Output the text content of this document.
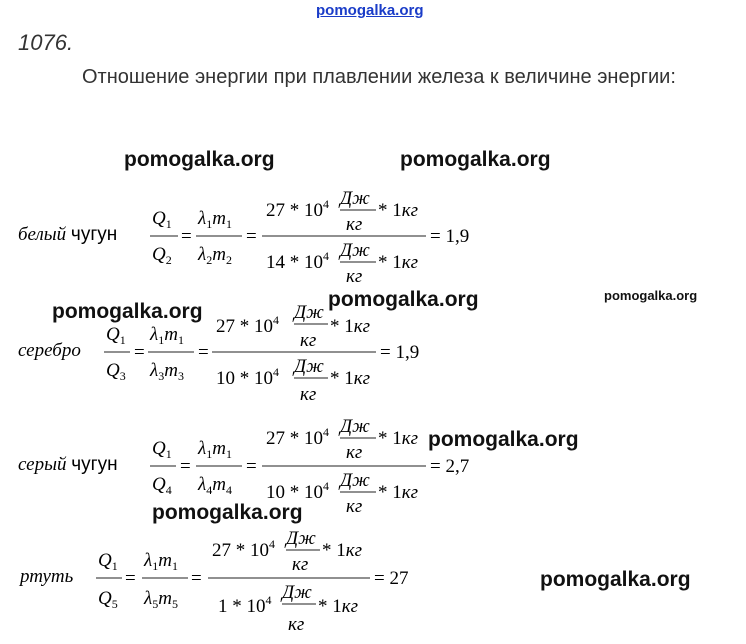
pomogalka.org
1076.
Отношение энергии при плавлении железа к величине энергии:
pomogalka.org	pomogalka.org
pomogalka.org
pomogalka.org	pomogalka.org
pomogalka.org
pomogalka.org
pomogalka.org
белый чугун
$Q_1$
$Q_2$
=
$\lambda_1m_1$
$\lambda_2m_2$
=
$27 * 10^4$ Дж
кг
* 1кг
$14 * 10^4$ Дж
кг
* 1кг
= 1,9
серебро
$Q_1$
$Q_3$
=
$\lambda_1m_1$
$\lambda_3m_3$
=
$27 * 10^4$ Дж
кг
* 1кг
$10 * 10^4$ Дж
кг
* 1кг
= 1,9
серый чугун
$Q_1$
$Q_4$
=
$\lambda_1m_1$
$\lambda_4m_4$
=
$27 * 10^4$ Дж
кг
* 1кг
$10 * 10^4$ Дж
кг
* 1кг
= 2,7
ртуть
$Q_1$
$Q_5$
=
$\lambda_1m_1$
$\lambda_5m_5$
=
$27 * 10^4$ Дж
кг
* 1кг
$1 * 10^4$ Дж
кг
* 1кг
= 27
